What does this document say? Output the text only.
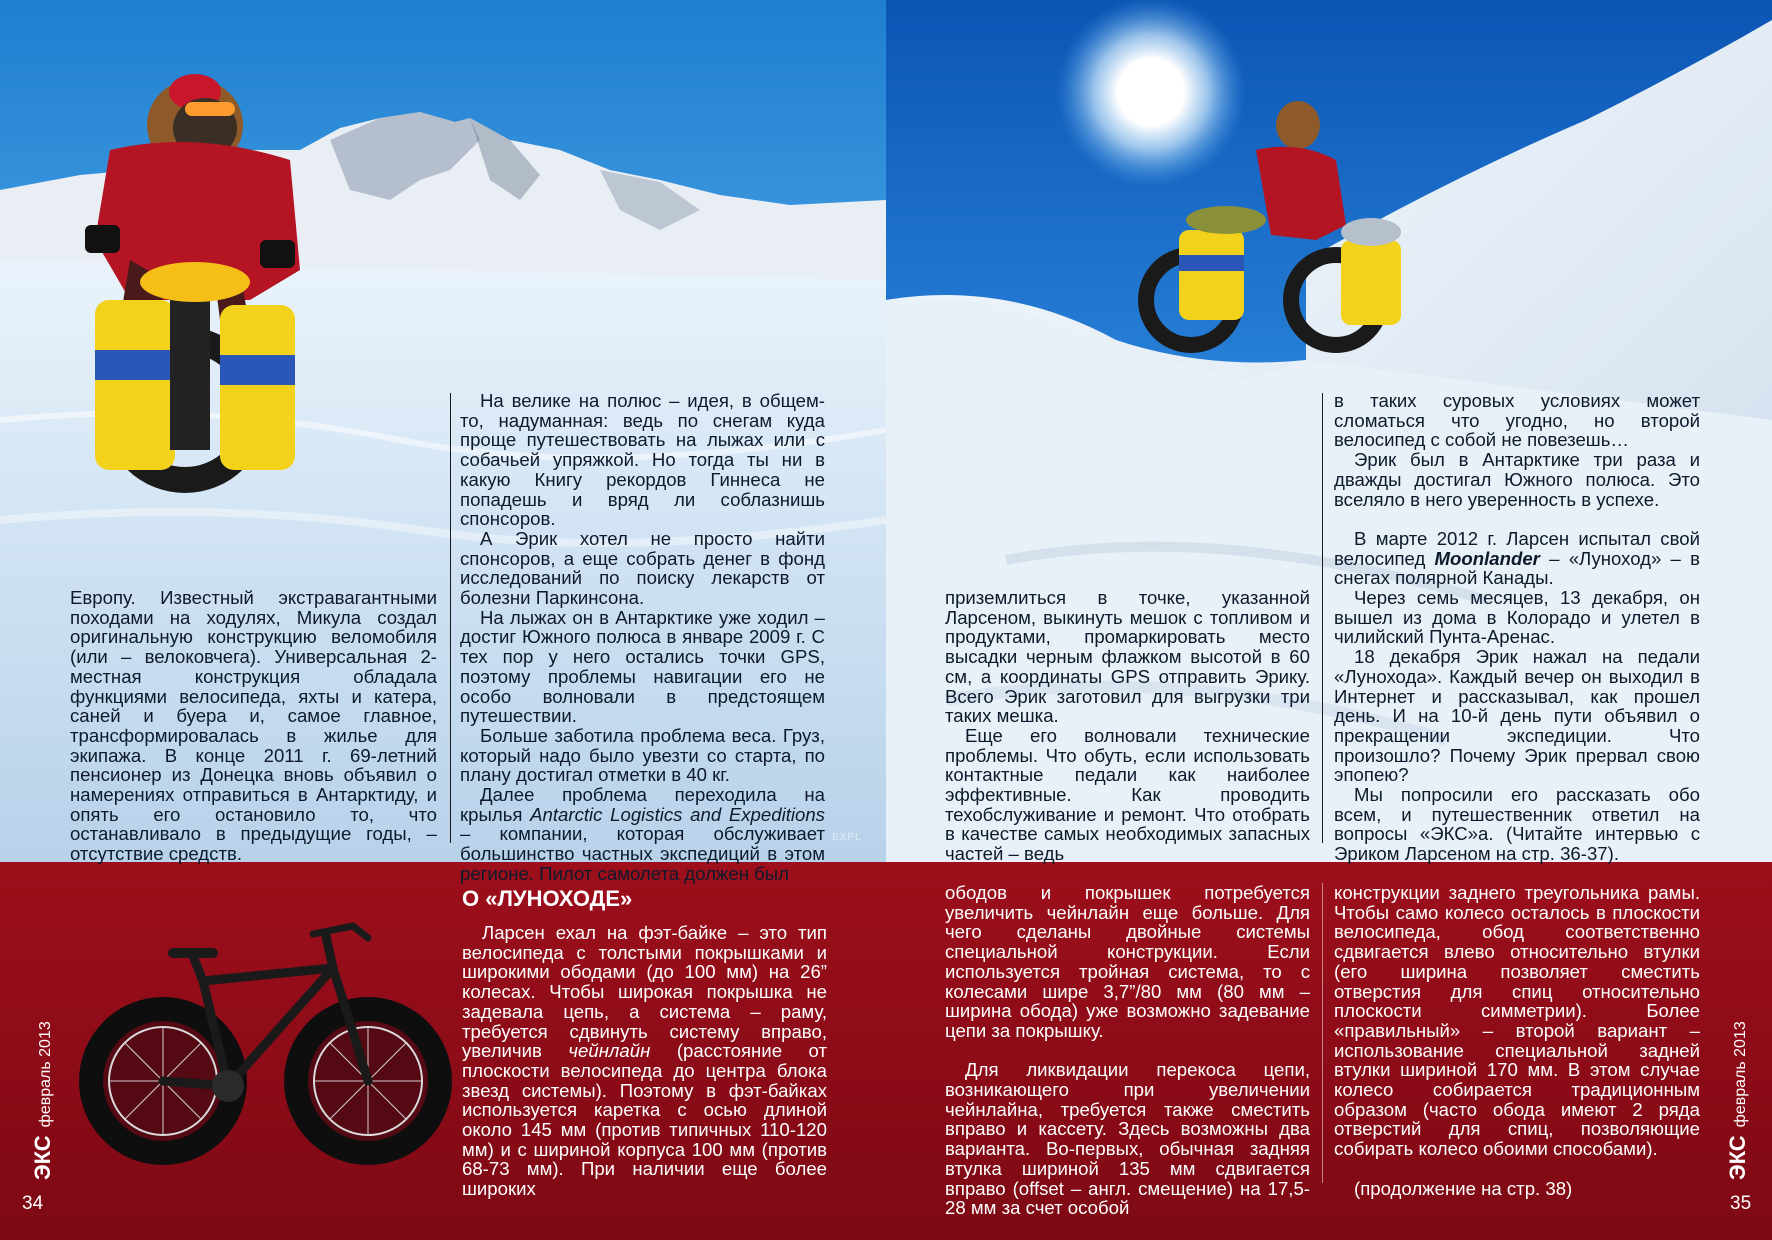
Европу. Известный экстравагантными походами на ходулях, Микула создал оригинальную конструкцию веломобиля (или – велоковчега). Универсальная 2-местная конструкция обладала функциями велосипеда, яхты и катера, саней и буера и, самое главное, трансформировалась в жилье для экипажа. В конце 2011 г. 69-летний пенсионер из Донецка вновь объявил о намерениях отправиться в Антарктиду, и опять его остановило то, что останавливало в предыдущие годы, – отсутствие средств.

На велике на полюс – идея, в общем-то, надуманная: ведь по снегам куда проще путешествовать на лыжах или с собачьей упряжкой. Но тогда ты ни в какую Книгу рекордов Гиннеса не попадешь и вряд ли соблазнишь спонсоров.

А Эрик хотел не просто найти спонсоров, а еще собрать денег в фонд исследований по поиску лекарств от болезни Паркинсона.

На лыжах он в Антарктике уже ходил – достиг Южного полюса в январе 2009 г. С тех пор у него остались точки GPS, поэтому проблемы навигации его не особо волновали в предстоящем путешествии.

Больше заботила проблема веса. Груз, который надо было увезти со старта, по плану достигал отметки в 40 кг.

Далее проблема переходила на крылья Antarctic Logistics and Expeditions – компании, которая обслуживает большинство частных экспедиций в этом регионе. Пилот самолета должен был

EXPL

приземлиться в точке, указанной Ларсеном, выкинуть мешок с топливом и продуктами, промаркировать место высадки черным флажком высотой в 60 см, а координаты GPS отправить Эрику. Всего Эрик заготовил для выгрузки три таких мешка.

Еще его волновали технические проблемы. Что обуть, если использовать контактные педали как наиболее эффективные. Как проводить техобслуживание и ремонт. Что отобрать в качестве самых необходимых запасных частей – ведь

в таких суровых условиях может сломаться что угодно, но второй велосипед с собой не повезешь…

Эрик был в Антарктике три раза и дважды достигал Южного полюса. Это вселяло в него уверенность в успехе.

В марте 2012 г. Ларсен испытал свой велосипед Moonlander – «Луноход» – в снегах полярной Канады.

Через семь месяцев, 13 декабря, он вышел из дома в Колорадо и улетел в чилийский Пунта-Аренас.

18 декабря Эрик нажал на педали «Лунохода». Каждый вечер он выходил в Интернет и рассказывал, как прошел день. И на 10-й день пути объявил о прекращении экспедиции. Что произошло? Почему Эрик прервал свою эпопею?

Мы попросили его рассказать обо всем, и путешественник ответил на вопросы «ЭКС»а. (Читайте интервью с Эриком Ларсеном на стр. 36-37).

О «ЛУНОХОДЕ»

Ларсен ехал на фэт-байке – это тип велосипеда с толстыми покрышками и широкими ободами (до 100 мм) на 26” колесах. Чтобы широкая покрышка не задевала цепь, а система – раму, требуется сдвинуть систему вправо, увеличив чейнлайн (расстояние от плоскости велосипеда до центра блока звезд системы). Поэтому в фэт-байках используется каретка с осью длиной около 145 мм (против типичных 110-120 мм) и с шириной корпуса 100 мм (против 68-73 мм). При наличии еще более широких

ободов и покрышек потребуется увеличить чейнлайн еще больше. Для чего сделаны двойные системы специальной конструкции. Если используется тройная система, то с колесами шире 3,7”/80 мм (80 мм – ширина обода) уже возможно задевание цепи за покрышку.

Для ликвидации перекоса цепи, возникающего при увеличении чейнлайна, требуется также сместить вправо и кассету. Здесь возможны два варианта. Во-первых, обычная задняя втулка шириной 135 мм сдвигается вправо (offset – англ. смещение) на 17,5-28 мм за счет особой

конструкции заднего треугольника рамы. Чтобы само колесо осталось в плоскости велосипеда, обод соответственно сдвигается влево относительно втулки (его ширина позволяет сместить отверстия для спиц относительно плоскости симметрии). Более «правильный» – второй вариант – использование специальной задней втулки шириной 170 мм. В этом случае колесо собирается традиционным образом (часто обода имеют 2 ряда отверстий для спиц, позволяющие собирать колесо обоими способами).

(продолжение на стр. 38)

34	35
ЭКСфевраль 2013
ЭКСфевраль 2013
